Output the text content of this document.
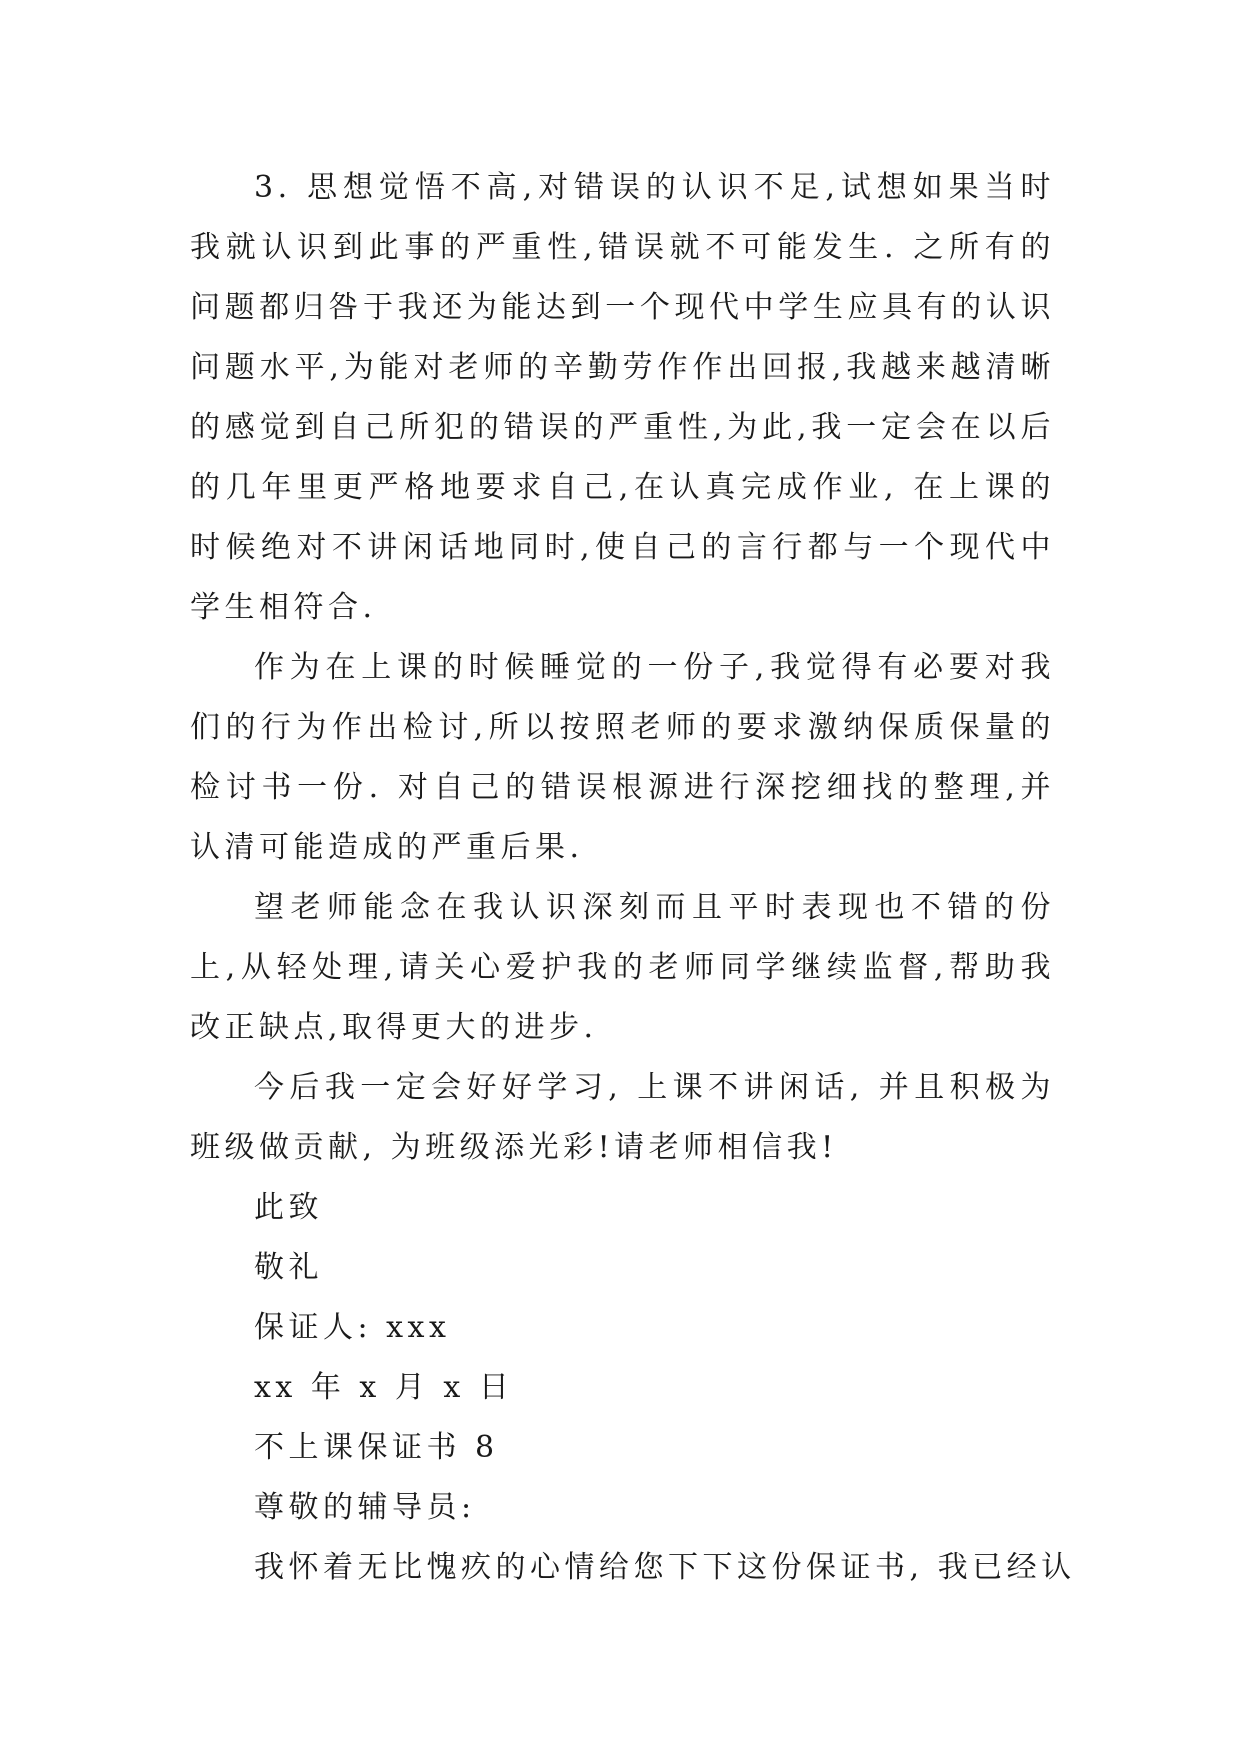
3. 思想觉悟不高,对错误的认识不足,试想如果当时我就认识到此事的严重性,错误就不可能发生. 之所有的问题都归咎于我还为能达到一个现代中学生应具有的认识问题水平,为能对老师的辛勤劳作作出回报,我越来越清晰的感觉到自己所犯的错误的严重性,为此,我一定会在以后的几年里更严格地要求自己,在认真完成作业, 在上课的时候绝对不讲闲话地同时,使自己的言行都与一个现代中学生相符合.

作为在上课的时候睡觉的一份子,我觉得有必要对我们的行为作出检讨,所以按照老师的要求激纳保质保量的检讨书一份. 对自己的错误根源进行深挖细找的整理,并认清可能造成的严重后果.

望老师能念在我认识深刻而且平时表现也不错的份上,从轻处理,请关心爱护我的老师同学继续监督,帮助我改正缺点,取得更大的进步.

今后我一定会好好学习, 上课不讲闲话, 并且积极为班级做贡献, 为班级添光彩!请老师相信我!

此致

敬礼

保证人: xxx

xx 年 x 月 x 日

不上课保证书 8

尊敬的辅导员:

我怀着无比愧疚的心情给您下下这份保证书, 我已经认
